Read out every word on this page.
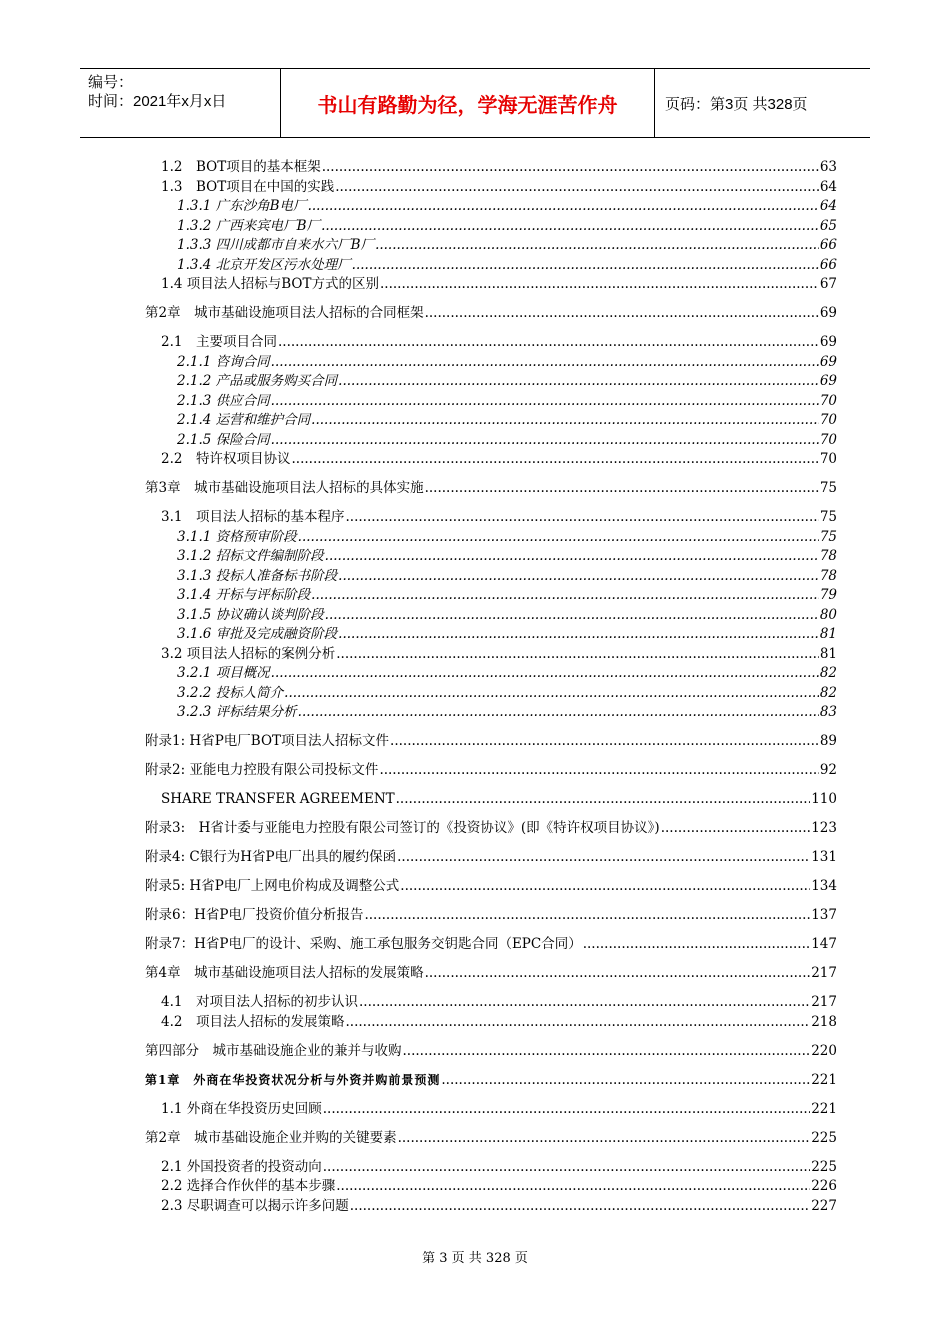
编号：
时间：2021年x月x日	书山有路勤为径，学海无涯苦作舟	页码：第3页 共328页
1.2　BOT项目的基本框架 .....	63
1.3　BOT项目在中国的实践 .....	64
1.3.1 广东沙角B电厂 .....	64
1.3.2 广西来宾电厂B厂 .....	65
1.3.3 四川成都市自来水六厂B厂 .....	66
1.3.4 北京开发区污水处理厂 .....	66
1.4 项目法人招标与BOT方式的区别 .....	67
第2章　城市基础设施项目法人招标的合同框架 .....	69
2.1　主要项目合同 .....	69
2.1.1 咨询合同 .....	69
2.1.2 产品或服务购买合同 .....	69
2.1.3 供应合同 .....	70
2.1.4 运营和维护合同 .....	70
2.1.5 保险合同 .....	70
2.2　特许权项目协议 .....	70
第3章　城市基础设施项目法人招标的具体实施 .....	75
3.1　项目法人招标的基本程序 .....	75
3.1.1 资格预审阶段 .....	75
3.1.2 招标文件编制阶段 .....	78
3.1.3 投标人准备标书阶段 .....	78
3.1.4 开标与评标阶段 .....	79
3.1.5 协议确认谈判阶段 .....	80
3.1.6 审批及完成融资阶段 .....	81
3.2 项目法人招标的案例分析 .....	81
3.2.1 项目概况 .....	82
3.2.2 投标人简介 .....	82
3.2.3 评标结果分析 .....	83
附录1: H省P电厂BOT项目法人招标文件 .....	89
附录2: 亚能电力控股有限公司投标文件 .....	92
SHARE TRANSFER AGREEMENT .....	110
附录3:　H省计委与亚能电力控股有限公司签订的《投资协议》(即《特许权项目协议》) .....	123
附录4: C银行为H省P电厂出具的履约保函 .....	131
附录5: H省P电厂上网电价构成及调整公式 .....	134
附录6：H省P电厂投资价值分析报告 .....	137
附录7：H省P电厂的设计、采购、施工承包服务交钥匙合同（EPC合同） .....	147
第4章　城市基础设施项目法人招标的发展策略 .....	217
4.1　对项目法人招标的初步认识 .....	217
4.2　项目法人招标的发展策略 .....	218
第四部分　城市基础设施企业的兼并与收购 .....	220
第1章　外商在华投资状况分析与外资并购前景预测 .....	221
1.1 外商在华投资历史回顾 .....	221
第2章　城市基础设施企业并购的关键要素 .....	225
2.1 外国投资者的投资动向 .....	225
2.2 选择合作伙伴的基本步骤 .....	226
2.3 尽职调查可以揭示许多问题 .....	227
第 3 页 共 328 页
